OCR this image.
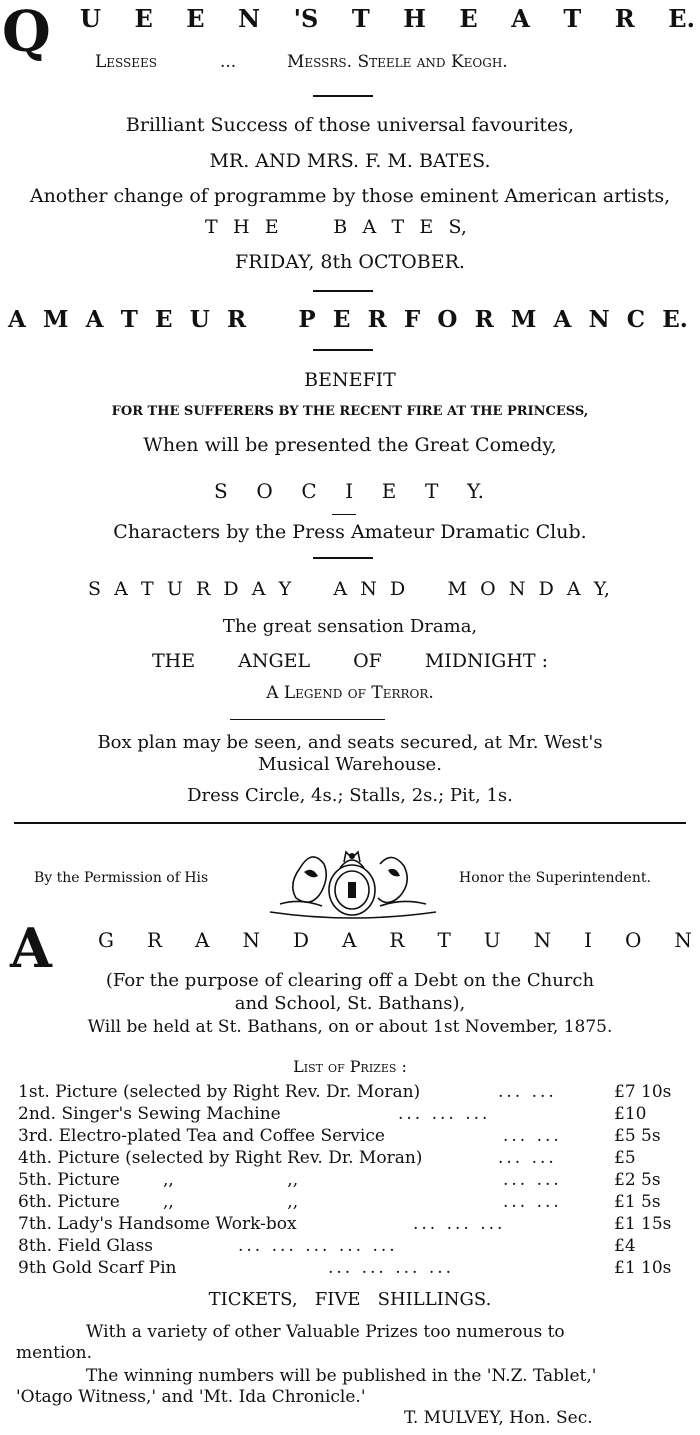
Q U E E N 'S T H E A T R E.
Lessees	...	Messrs. Steele and Keogh.
Brilliant Success of those universal favourites,
MR. AND MRS. F. M. BATES.
Another change of programme by those eminent American artists,
T H E	B A T E S,
FRIDAY, 8th OCTOBER.
A M A T E U R P E R F O R M A N C E.
BENEFIT
FOR THE SUFFERERS BY THE RECENT FIRE AT THE PRINCESS,
When will be presented the Great Comedy,
S O C I E T Y.
Characters by the Press Amateur Dramatic Club.
S A T U R D A Y A N D M O N D A Y,
The great sensation Drama,
THE ANGEL OF MIDNIGHT :
A Legend of Terror.
Box plan may be seen, and seats secured, at Mr. West's
Musical Warehouse.
Dress Circle, 4s.; Stalls, 2s.; Pit, 1s.
By the Permission of His	Honor the Superintendent.
A G R A N D A R T U N I O N
(For the purpose of clearing off a Debt on the Church
and School, St. Bathans),
Will be held at St. Bathans, on or about 1st November, 1875.
List of Prizes :
1st. Picture (selected by Right Rev. Dr. Moran)	... ...	£7 10s
2nd. Singer's Sewing Machine	... ... ...	£10
3rd. Electro-plated Tea and Coffee Service	... ...	£5 5s
4th. Picture (selected by Right Rev. Dr. Moran)	... ...	£5
5th. Picture        ,,                     ,,	... ...	£2 5s
6th. Picture        ,,                     ,,	... ...	£1 5s
7th. Lady's Handsome Work-box	... ... ...	£1 15s
8th. Field Glass	... ... ... ... ...	£4
9th Gold Scarf Pin	... ... ... ...	£1 10s
TICKETS,   FIVE   SHILLINGS.
With a variety of other Valuable Prizes too numerous to
mention.
The winning numbers will be published in the 'N.Z. Tablet,'
'Otago Witness,' and 'Mt. Ida Chronicle.'
T. MULVEY, Hon. Sec.
